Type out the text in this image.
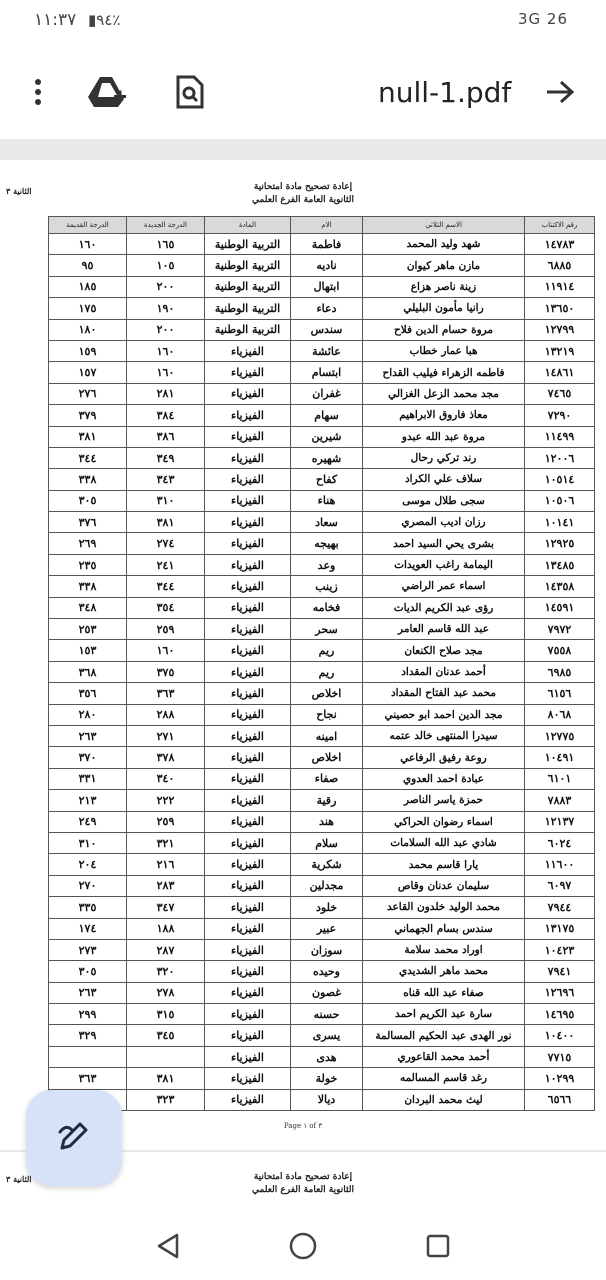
١١:٣٧ ▮٩٤٪	3G 26
null-1.pdf
إعادة تصحيح مادة امتحانية
الثانوية العامة الفرع العلمي
الثانية ٣
رقم الاكتتاب	الاسم الثلاثي	الام	المادة	الدرجة الجديدة	الدرجة القديمة
١٤٧٨٣	شهد وليد المحمد	فاطمة	التربية الوطنية	١٦٥	١٦٠
٦٨٨٥	مازن ماهر كيوان	ناديه	التربية الوطنية	١٠٥	٩٥
١١٩١٤	زينة ناصر هزاع	ابتهال	التربية الوطنية	٢٠٠	١٨٥
١٣٦٥٠	رانيا مأمون البليلي	دعاء	التربية الوطنية	١٩٠	١٧٥
١٢٧٩٩	مروة حسام الدين فلاح	سندس	التربية الوطنية	٢٠٠	١٨٠
١٣٢١٩	هبا عمار خطاب	عائشة	الفيزياء	١٦٠	١٥٩
١٤٨٦١	فاطمه الزهراء فيليب القداح	ابتسام	الفيزياء	١٦٠	١٥٧
٧٤٦٥	مجد محمد الزعل الغزالي	غفران	الفيزياء	٢٨١	٢٧٦
٧٢٩٠	معاذ فاروق الابراهيم	سهام	الفيزياء	٣٨٤	٣٧٩
١١٤٩٩	مروة عبد الله عبدو	شيرين	الفيزياء	٣٨٦	٣٨١
١٢٠٠٦	رند تركي رحال	شهيره	الفيزياء	٣٤٩	٣٤٤
١٠٥١٤	سلاف علي الكراد	كفاح	الفيزياء	٣٤٣	٣٣٨
١٠٥٠٦	سجى طلال موسى	هناء	الفيزياء	٣١٠	٣٠٥
١٠١٤١	رزان اديب المصري	سعاد	الفيزياء	٣٨١	٣٧٦
١٢٩٢٥	بشرى يحي السيد احمد	بهيجه	الفيزياء	٢٧٤	٢٦٩
١٣٤٨٥	اليمامة راغب العويدات	وعد	الفيزياء	٢٤١	٢٣٥
١٤٣٥٨	اسماء عمر الراضي	زينب	الفيزياء	٣٤٤	٣٣٨
١٤٥٩١	رؤى عبد الكريم الديات	فخامه	الفيزياء	٣٥٤	٣٤٨
٧٩٧٢	عبد الله قاسم العامر	سحر	الفيزياء	٢٥٩	٢٥٣
٧٥٥٨	مجد صلاح الكنعان	ريم	الفيزياء	١٦٠	١٥٣
٦٩٨٥	أحمد عدنان المقداد	ريم	الفيزياء	٣٧٥	٣٦٨
٦١٥٦	محمد عبد الفتاح المقداد	اخلاص	الفيزياء	٣٦٣	٣٥٦
٨٠٦٨	مجد الدين احمد ابو حصيني	نجاح	الفيزياء	٢٨٨	٢٨٠
١٢٧٧٥	سيدرا المنتهى خالد عتمه	امينه	الفيزياء	٢٧١	٢٦٣
١٠٤٩١	روعة رفيق الرفاعي	اخلاص	الفيزياء	٣٧٨	٣٧٠
٦١٠١	عبادة احمد العدوي	صفاء	الفيزياء	٣٤٠	٣٣١
٧٨٨٣	حمزة ياسر الناصر	رقية	الفيزياء	٢٢٢	٢١٣
١٢١٣٧	اسماء رضوان الحراكي	هند	الفيزياء	٢٥٩	٢٤٩
٦٠٢٤	شادي عبد الله السلامات	سلام	الفيزياء	٣٢١	٣١٠
١١٦٠٠	يارا قاسم محمد	شكرية	الفيزياء	٢١٦	٢٠٤
٦٠٩٧	سليمان عدنان وقاص	مجدلين	الفيزياء	٢٨٣	٢٧٠
٧٩٤٤	محمد الوليد خلدون القاعد	خلود	الفيزياء	٣٤٧	٣٣٥
١٣١٧٥	سندس بسام الجهماني	عبير	الفيزياء	١٨٨	١٧٤
١٠٤٢٣	اوراد محمد سلامة	سوزان	الفيزياء	٢٨٧	٢٧٣
٧٩٤١	محمد ماهر الشديدي	وحيده	الفيزياء	٣٢٠	٣٠٥
١٢٦٩٦	صفاء عبد الله قناه	غصون	الفيزياء	٢٧٨	٢٦٣
١٤٦٩٥	سارة عبد الكريم احمد	حسنه	الفيزياء	٣١٥	٢٩٩
١٠٤٠٠	نور الهدى عبد الحكيم المسالمة	يسرى	الفيزياء	٣٤٥	٣٢٩
٧٧١٥	أحمد محمد القاعوري	هدى	الفيزياء		
١٠٢٩٩	رغد قاسم المسالمه	خولة	الفيزياء	٣٨١	٣٦٣
٦٥٦٦	ليث محمد البردان	ديالا	الفيزياء	٣٢٣	
Page ١ of ٣
إعادة تصحيح مادة امتحانية
الثانوية العامة الفرع العلمي
الثانية ٣
